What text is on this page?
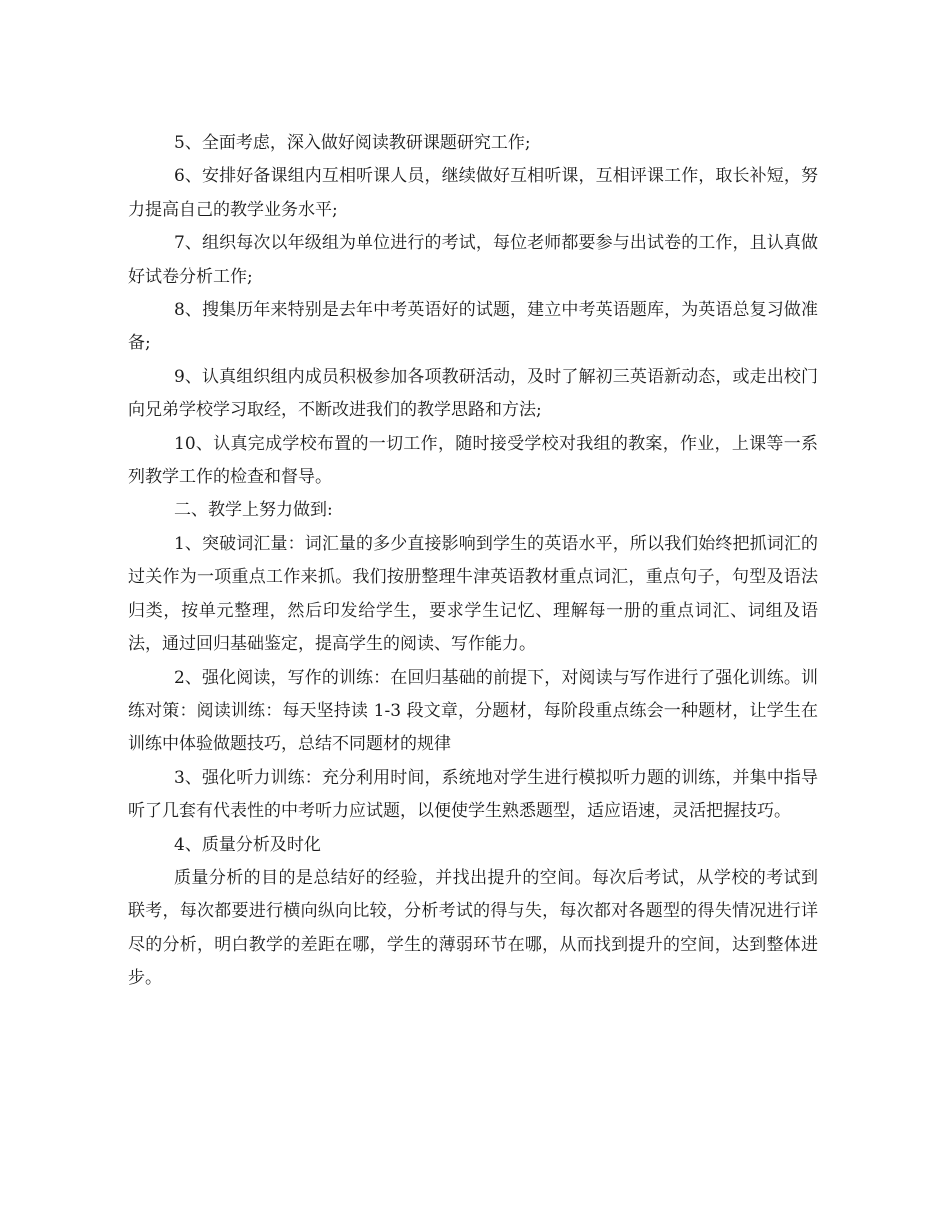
5、全面考虑，深入做好阅读教研课题研究工作;

6、安排好备课组内互相听课人员，继续做好互相听课，互相评课工作，取长补短，努力提高自己的教学业务水平;

7、组织每次以年级组为单位进行的考试，每位老师都要参与出试卷的工作，且认真做好试卷分析工作;

8、搜集历年来特别是去年中考英语好的试题，建立中考英语题库，为英语总复习做准备;

9、认真组织组内成员积极参加各项教研活动，及时了解初三英语新动态，或走出校门向兄弟学校学习取经，不断改进我们的教学思路和方法;

10、认真完成学校布置的一切工作，随时接受学校对我组的教案，作业，上课等一系列教学工作的检查和督导。

二、教学上努力做到:

1、突破词汇量：词汇量的多少直接影响到学生的英语水平，所以我们始终把抓词汇的过关作为一项重点工作来抓。我们按册整理牛津英语教材重点词汇，重点句子，句型及语法归类，按单元整理，然后印发给学生，要求学生记忆、理解每一册的重点词汇、词组及语法，通过回归基础鉴定，提高学生的阅读、写作能力。

2、强化阅读，写作的训练：在回归基础的前提下，对阅读与写作进行了强化训练。训练对策：阅读训练：每天坚持读 1-3 段文章，分题材，每阶段重点练会一种题材，让学生在训练中体验做题技巧，总结不同题材的规律

3、强化听力训练：充分利用时间，系统地对学生进行模拟听力题的训练，并集中指导听了几套有代表性的中考听力应试题，以便使学生熟悉题型，适应语速，灵活把握技巧。

4、质量分析及时化

质量分析的目的是总结好的经验，并找出提升的空间。每次后考试，从学校的考试到联考，每次都要进行横向纵向比较，分析考试的得与失，每次都对各题型的得失情况进行详尽的分析，明白教学的差距在哪，学生的薄弱环节在哪，从而找到提升的空间，达到整体进步。
